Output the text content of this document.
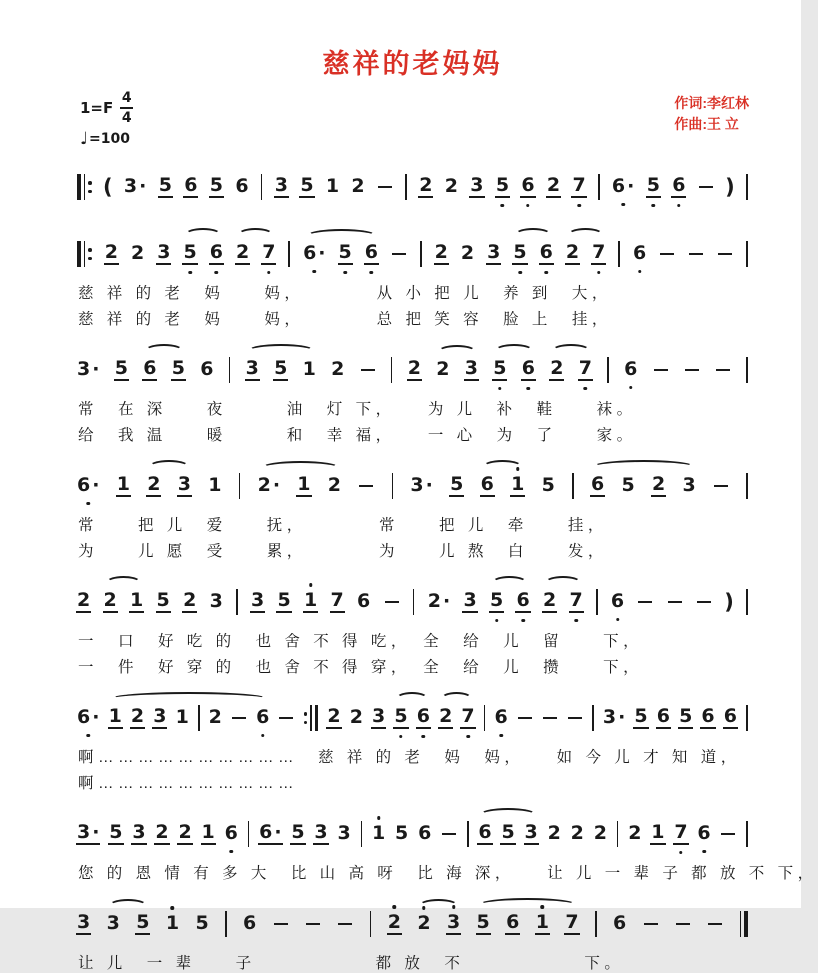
慈祥的老妈妈
$1=F \frac{4}{4}$
♩ =100
作词:李红林
作曲:王 立
( 3 · 5 6 5 6 3 5 1 2	2 2 3 5 6 2 7 6 · 5 6 )
2 2 3 5 6 2 7 6 · 5 6	2 2 3 5 6 2 7 6
慈 祥 的 老　妈　　妈，　　　　从 小 把 儿　养 到　大，
慈 祥 的 老　妈　　妈，　　　　总 把 笑 容　脸 上　挂，
3 · 5 6 5 6 3 5 1 2	2 2 3 5 6 2 7 6
常　在 深　　夜　　　油　灯 下，　　为 儿　补　鞋　　袜。
给　我 温　　暖　　　和　幸 福，　　一 心　为　了　　家。
6 · 1 2 3 1 2 · 1 2	3 · 5 6 1 5 6 5 2 3
常　　把 儿　爱　　抚，　　　　常　　把 儿　牵　　挂，
为　　儿 愿　受　　累，　　　　为　　儿 熬　白　　发，
2 2 1 5 2 3 3 5 1 7 6	2 · 3 5 6 2 7 6	)
一　口　好 吃 的　也 舍 不 得 吃，　全　给　儿　留　　下，
一　件　好 穿 的　也 舍 不 得 穿，　全　给　儿　攒　　下，
6 · 1 2 3 1 2 6	2 2 3 5 6 2 7 6	3 · 5 6 5 6 6
啊…………………………　慈 祥 的 老　妈　妈，　　如 今 儿 才 知 道，
啊…………………………
3 · 5 3 2 2 1 6 6 · 5 3 3 1 5 6 6 5 3 2 2 2 2 1 7 6
您 的 恩 情 有 多 大　比 山 高 呀　比 海 深，　　让 儿 一 辈 子 都 放 不 下，
3 3 5 1 5 6	2 2 3 5 6 1 7 6
让 儿　一 辈　　子　　　　　　都 放　不　　　　　　下。
